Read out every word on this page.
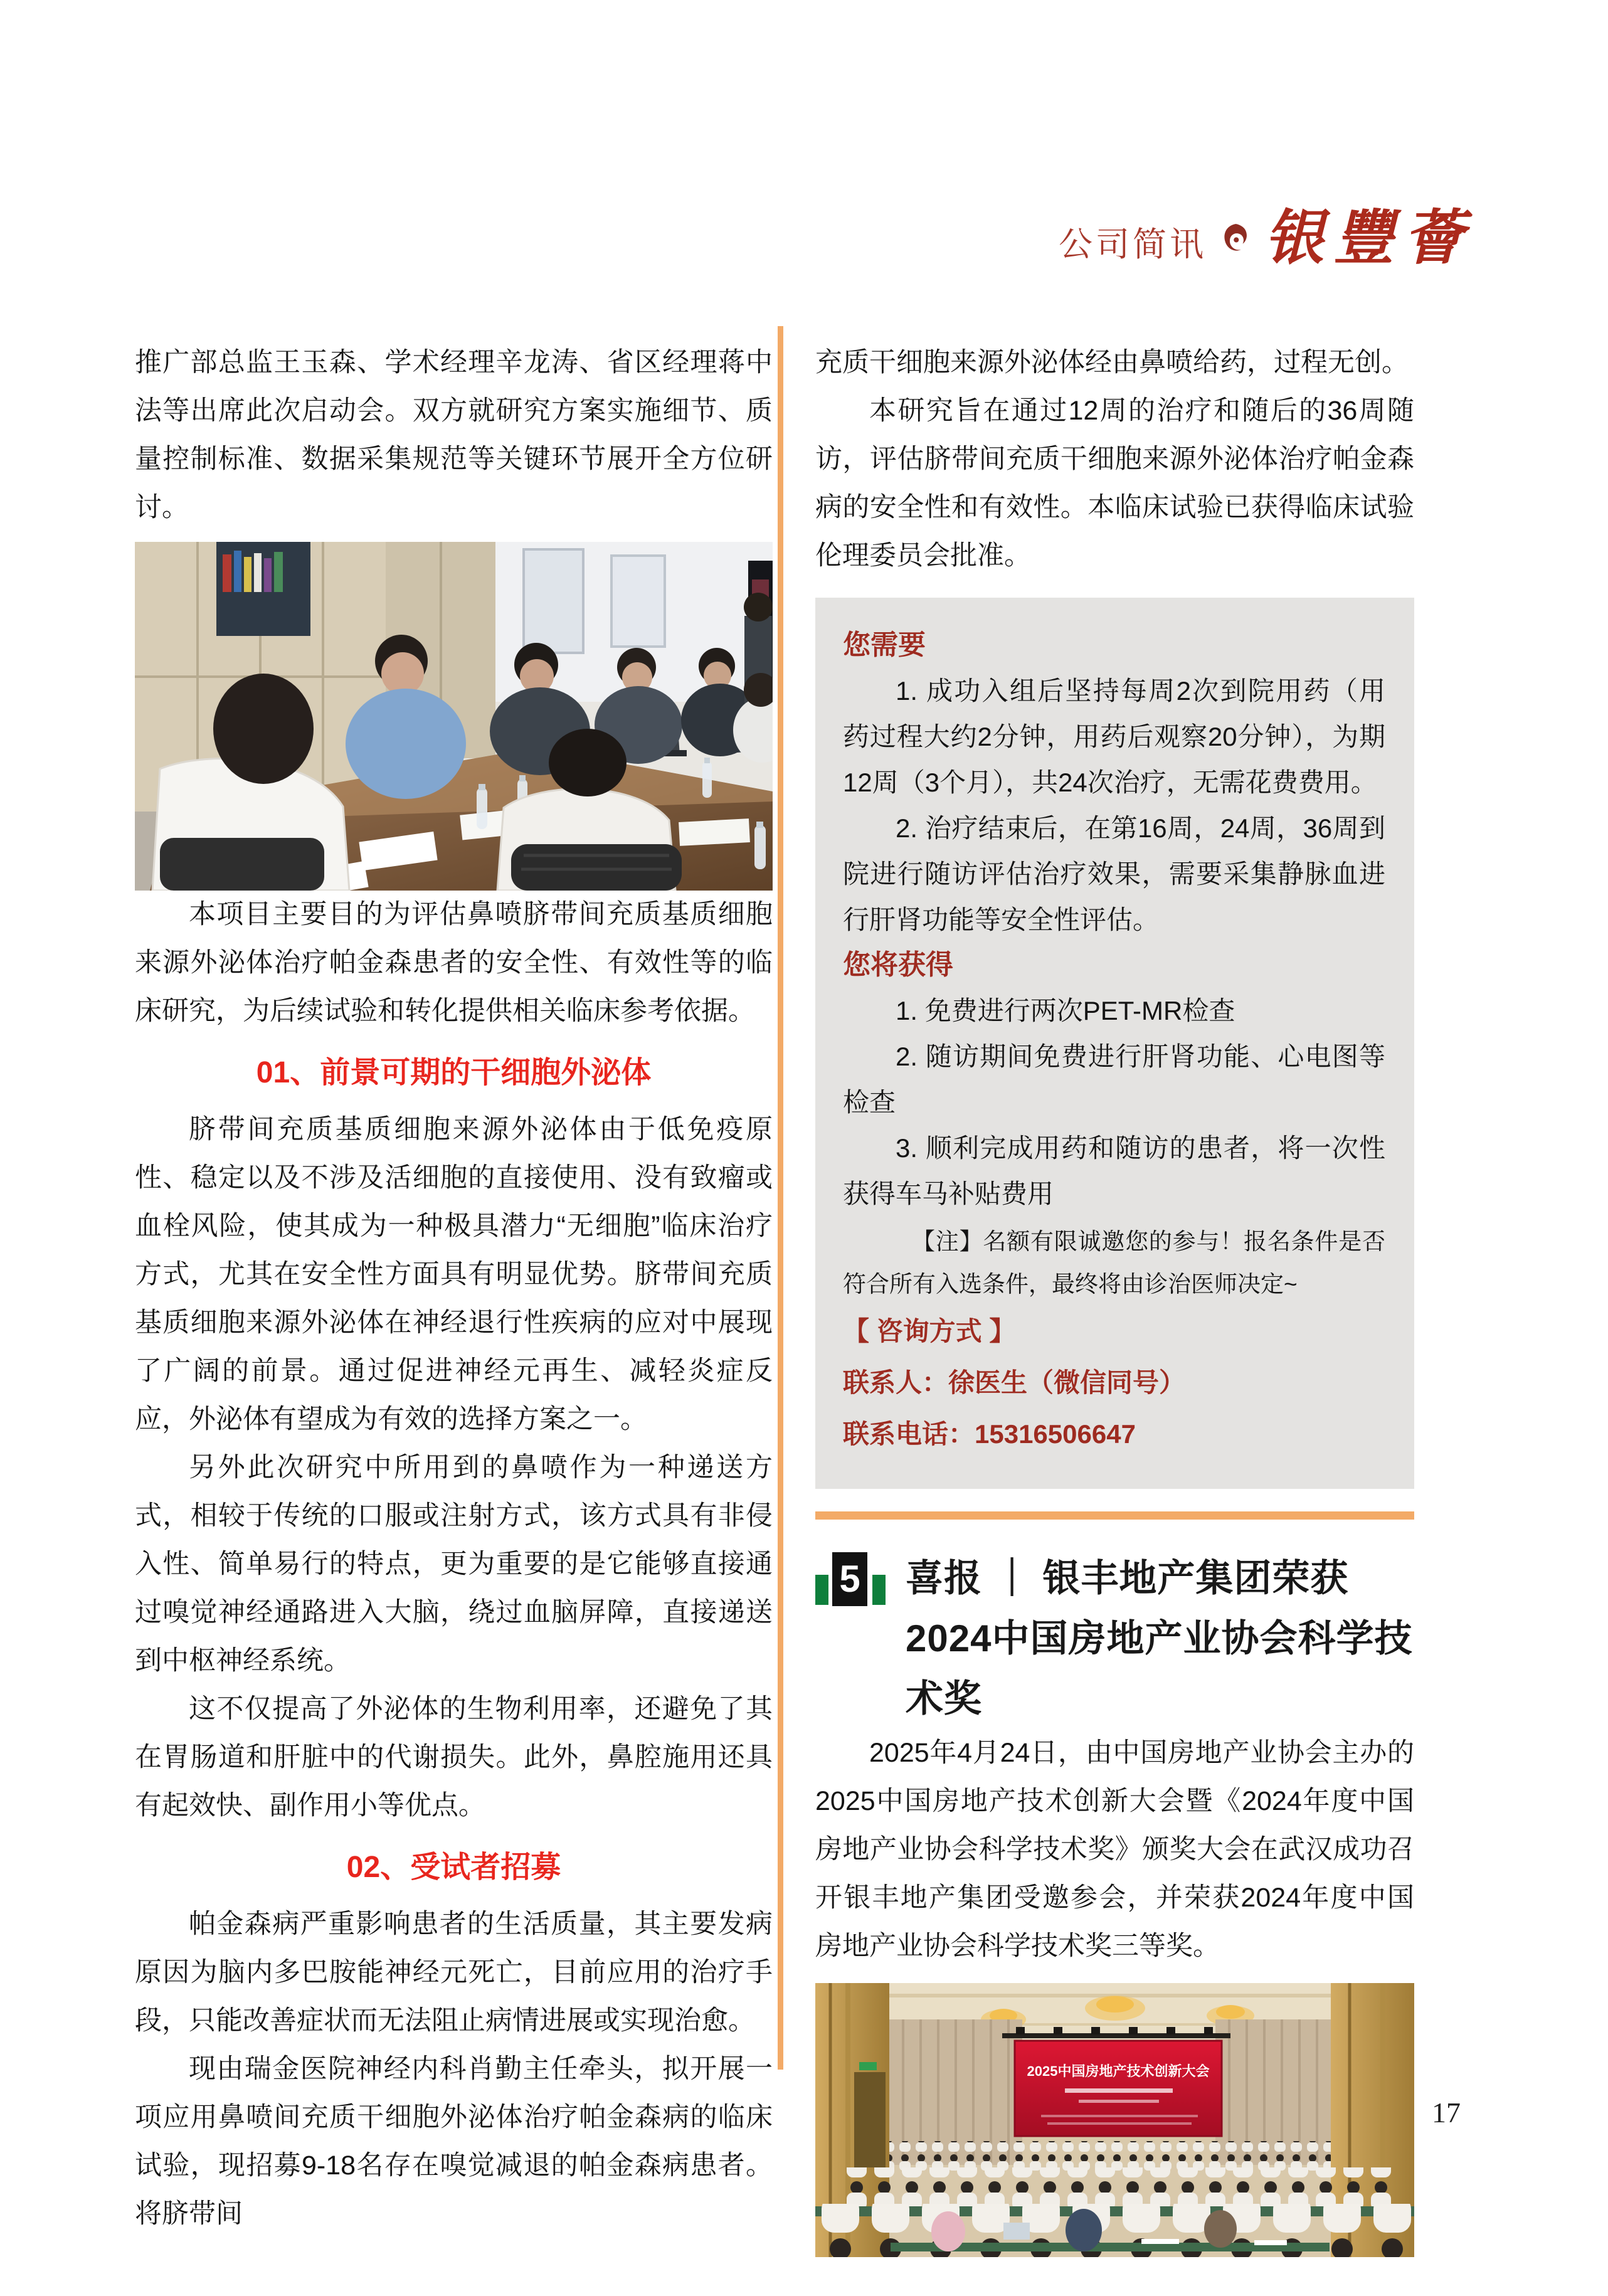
公司简讯 银豐薈

推广部总监王玉森、学术经理辛龙涛、省区经理蒋中法等出席此次启动会。双方就研究方案实施细节、质量控制标准、数据采集规范等关键环节展开全方位研讨。

本项目主要目的为评估鼻喷脐带间充质基质细胞来源外泌体治疗帕金森患者的安全性、有效性等的临床研究，为后续试验和转化提供相关临床参考依据。

01、前景可期的干细胞外泌体

脐带间充质基质细胞来源外泌体由于低免疫原性、稳定以及不涉及活细胞的直接使用、没有致瘤或血栓风险，使其成为一种极具潜力“无细胞”临床治疗方式，尤其在安全性方面具有明显优势。脐带间充质基质细胞来源外泌体在神经退行性疾病的应对中展现了广阔的前景。通过促进神经元再生、减轻炎症反应，外泌体有望成为有效的选择方案之一。

另外此次研究中所用到的鼻喷作为一种递送方式，相较于传统的口服或注射方式，该方式具有非侵入性、简单易行的特点，更为重要的是它能够直接通过嗅觉神经通路进入大脑，绕过血脑屏障，直接递送到中枢神经系统。

这不仅提高了外泌体的生物利用率，还避免了其在胃肠道和肝脏中的代谢损失。此外，鼻腔施用还具有起效快、副作用小等优点。

02、受试者招募

帕金森病严重影响患者的生活质量，其主要发病原因为脑内多巴胺能神经元死亡，目前应用的治疗手段，只能改善症状而无法阻止病情进展或实现治愈。

现由瑞金医院神经内科肖勤主任牵头，拟开展一项应用鼻喷间充质干细胞外泌体治疗帕金森病的临床试验，现招募9-18名存在嗅觉减退的帕金森病患者。将脐带间

充质干细胞来源外泌体经由鼻喷给药，过程无创。

本研究旨在通过12周的治疗和随后的36周随访，评估脐带间充质干细胞来源外泌体治疗帕金森病的安全性和有效性。本临床试验已获得临床试验伦理委员会批准。

您需要

1. 成功入组后坚持每周2次到院用药（用药过程大约2分钟，用药后观察20分钟），为期12周（3个月），共24次治疗，无需花费费用。

2. 治疗结束后，在第16周，24周，36周到院进行随访评估治疗效果，需要采集静脉血进行肝肾功能等安全性评估。

您将获得

1. 免费进行两次PET-MR检查

2. 随访期间免费进行肝肾功能、心电图等检查

3. 顺利完成用药和随访的患者，将一次性获得车马补贴费用

【注】名额有限诚邀您的参与！报名条件是否符合所有入选条件，最终将由诊治医师决定~

【 咨询方式 】

联系人：徐医生（微信同号）

联系电话：15316506647

5 喜报 ｜ 银丰地产集团荣获2024中国房地产业协会科学技术奖

2025年4月24日，由中国房地产业协会主办的2025中国房地产技术创新大会暨《2024年度中国房地产业协会科学技术奖》颁奖大会在武汉成功召开银丰地产集团受邀参会，并荣获2024年度中国房地产业协会科学技术奖三等奖。

2025中国房地产技术创新大会
17
